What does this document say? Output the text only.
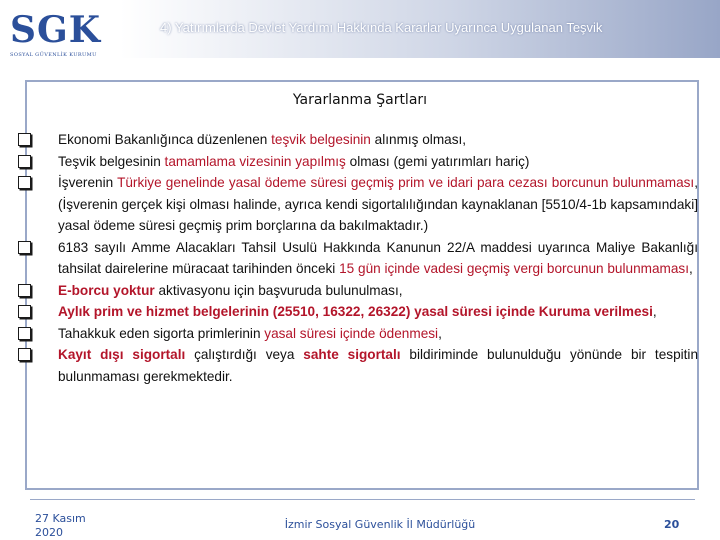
SGK
SOSYAL GÜVENLİK KURUMU
4) Yatırımlarda Devlet Yardımı Hakkında Kararlar Uyarınca Uygulanan Teşvik
Yararlanma Şartları
Ekonomi Bakanlığınca düzenlenen teşvik belgesinin alınmış olması,
Teşvik belgesinin tamamlama vizesinin yapılmış olması (gemi yatırımları hariç)
İşverenin Türkiye genelinde yasal ödeme süresi geçmiş prim ve idari para cezası borcunun bulunmaması, (İşverenin gerçek kişi olması halinde, ayrıca kendi sigortalılığından kaynaklanan [5510/4-1b kapsamındaki] yasal ödeme süresi geçmiş prim borçlarına da bakılmaktadır.)
6183 sayılı Amme Alacakları Tahsil Usulü Hakkında Kanunun 22/A maddesi uyarınca Maliye Bakanlığı tahsilat dairelerine müracaat tarihinden önceki 15 gün içinde vadesi geçmiş vergi borcunun bulunmaması,
E-borcu yoktur aktivasyonu için başvuruda bulunulması,
Aylık prim ve hizmet belgelerinin (25510, 16322, 26322) yasal süresi içinde Kuruma verilmesi,
Tahakkuk eden sigorta primlerinin yasal süresi içinde ödenmesi,
Kayıt dışı sigortalı çalıştırdığı veya sahte sigortalı bildiriminde bulunulduğu yönünde bir tespitin bulunmaması gerekmektedir.
27 Kasım
2020
İzmir Sosyal Güvenlik İl Müdürlüğü	20
